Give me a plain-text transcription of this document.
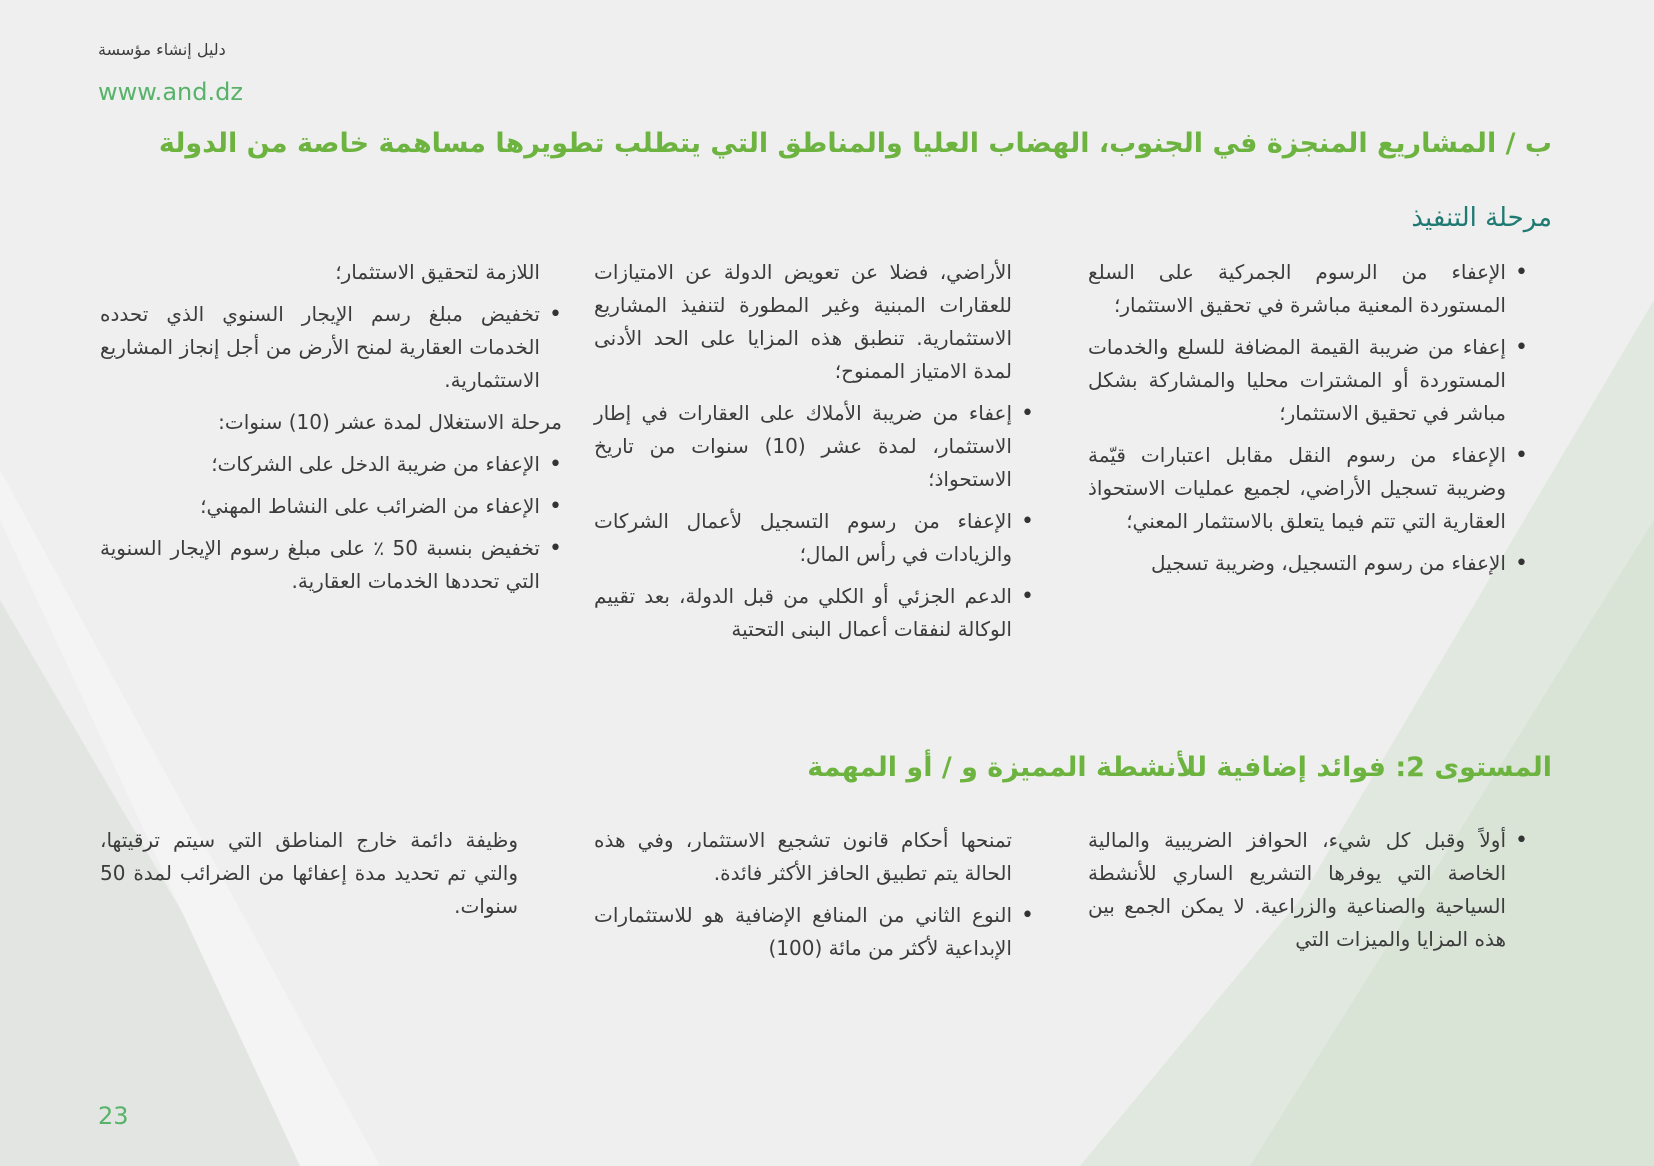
دليل إنشاء مؤسسة
www.and.dz
ب / المشاريع المنجزة في الجنوب، الهضاب العليا والمناطق التي يتطلب تطويرها مساهمة خاصة من الدولة
مرحلة التنفيذ
• الإعفاء من الرسوم الجمركية على السلع المستوردة المعنية مباشرة في تحقيق الاستثمار؛
• إعفاء من ضريبة القيمة المضافة للسلع والخدمات المستوردة أو المشترات محليا والمشاركة بشكل مباشر في تحقيق الاستثمار؛
• الإعفاء من رسوم النقل مقابل اعتبارات قيّمة وضريبة تسجيل الأراضي، لجميع عمليات الاستحواذ العقارية التي تتم فيما يتعلق بالاستثمار المعني؛
• الإعفاء من رسوم التسجيل، وضريبة تسجيل

الأراضي، فضلا عن تعويض الدولة عن الامتيازات للعقارات المبنية وغير المطورة لتنفيذ المشاريع الاستثمارية. تنطبق هذه المزايا على الحد الأدنى لمدة الامتياز الممنوح؛

• إعفاء من ضريبة الأملاك على العقارات في إطار الاستثمار، لمدة عشر (10) سنوات من تاريخ الاستحواذ؛
• الإعفاء من رسوم التسجيل لأعمال الشركات والزيادات في رأس المال؛
• الدعم الجزئي أو الكلي من قبل الدولة، بعد تقييم الوكالة لنفقات أعمال البنى التحتية

اللازمة لتحقيق الاستثمار؛

• تخفيض مبلغ رسم الإيجار السنوي الذي تحدده الخدمات العقارية لمنح الأرض من أجل إنجاز المشاريع الاستثمارية.

مرحلة الاستغلال لمدة عشر (10) سنوات:

• الإعفاء من ضريبة الدخل على الشركات؛
• الإعفاء من الضرائب على النشاط المهني؛
• تخفيض بنسبة 50 ٪ على مبلغ رسوم الإيجار السنوية التي تحددها الخدمات العقارية.
المستوى 2: فوائد إضافية للأنشطة المميزة و / أو المهمة
• أولاً وقبل كل شيء، الحوافز الضريبية والمالية الخاصة التي يوفرها التشريع الساري للأنشطة السياحية والصناعية والزراعية. لا يمكن الجمع بين هذه المزايا والميزات التي

تمنحها أحكام قانون تشجيع الاستثمار، وفي هذه الحالة يتم تطبيق الحافز الأكثر فائدة.

• النوع الثاني من المنافع الإضافية هو للاستثمارات الإبداعية لأكثر من مائة (100)

وظيفة دائمة خارج المناطق التي سيتم ترقيتها، والتي تم تحديد مدة إعفائها من الضرائب لمدة 50 سنوات.

23
